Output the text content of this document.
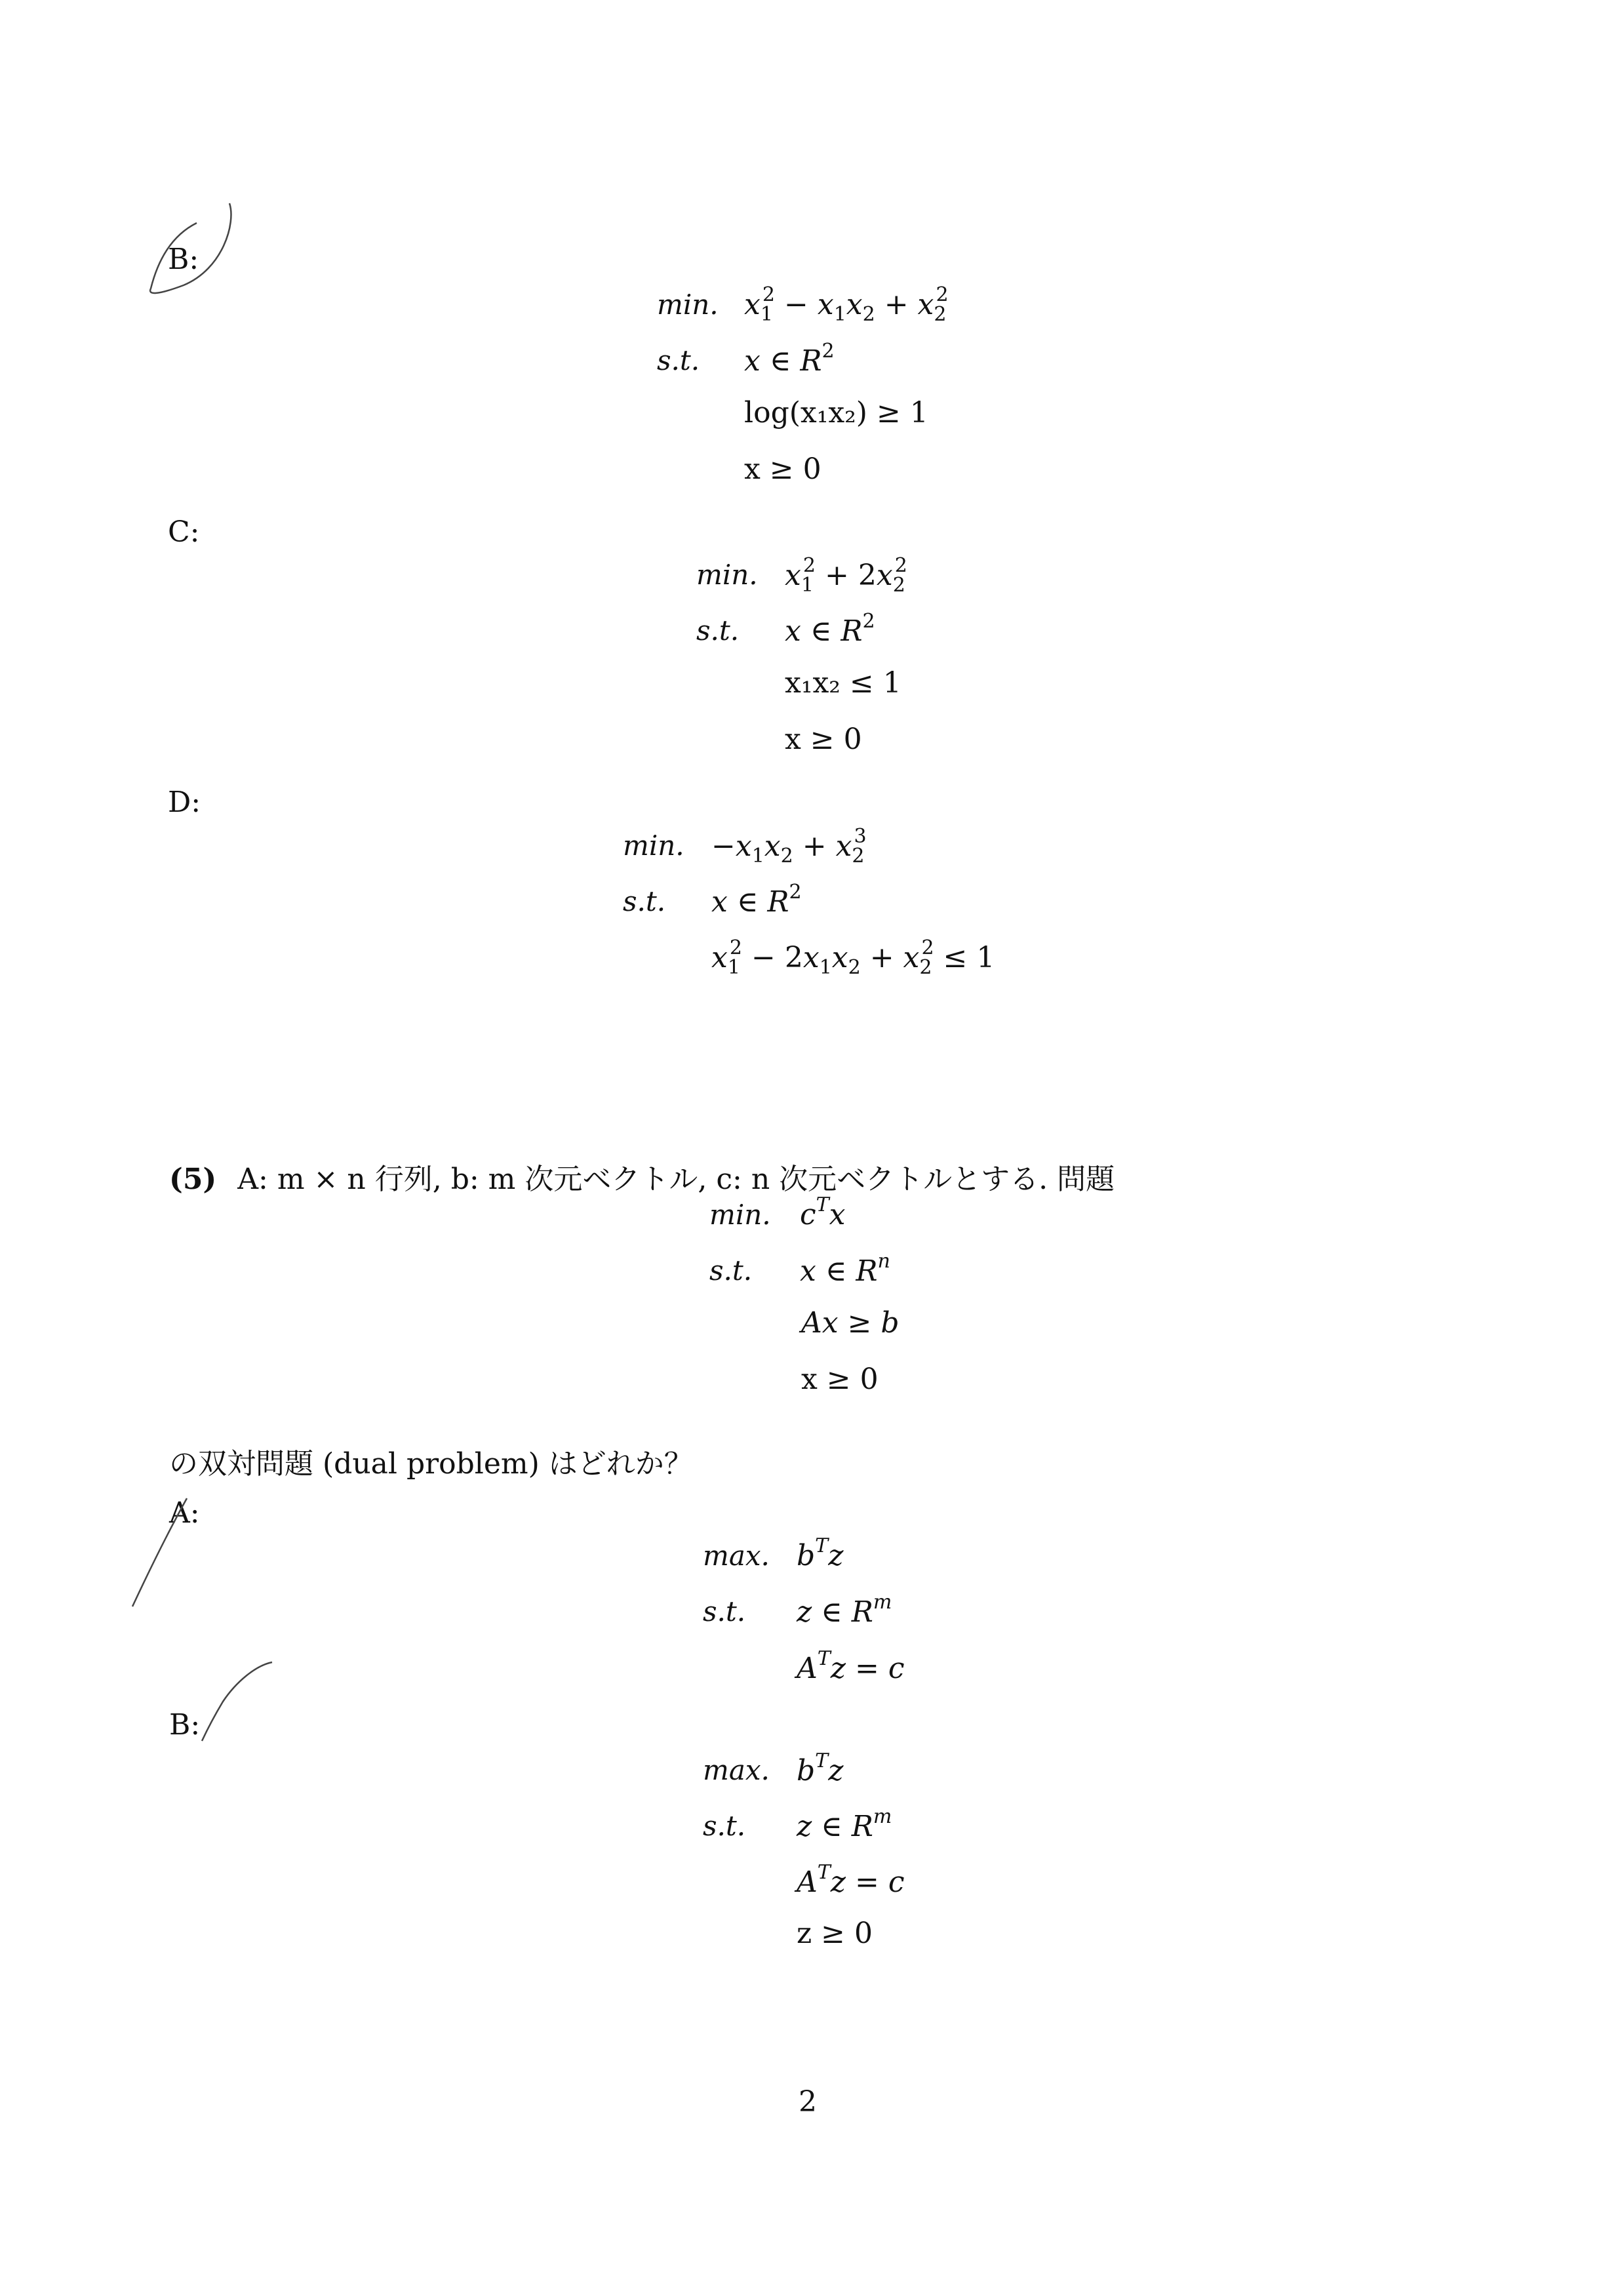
B:
min. $x_1^2 - x_1x_2 + x_2^2$
s.t. x ∈ $R^2$
log(x₁x₂) ≥ 1
x ≥ 0
C:
min. $x_1^2 + 2x_2^2$
s.t. x ∈ $R^2$
x₁x₂ ≤ 1
x ≥ 0
D:
min. $-x_1x_2 + x_2^3$
s.t. x ∈ $R^2$
$x_1^2 - 2x_1x_2 + x_2^2 \le 1$
(5) A: m × n 行列, b: m 次元ベクトル, c: n 次元ベクトルとする. 問題
min. $c^Tx$
s.t. x ∈ $R^n$
Ax ≥ b
x ≥ 0
の双対問題 (dual problem) はどれか？
A:
max. $b^Tz$
s.t. z ∈ $R^m$
$A^Tz = c$
B:
max. $b^Tz$
s.t. z ∈ $R^m$
$A^Tz = c$
z ≥ 0
2
